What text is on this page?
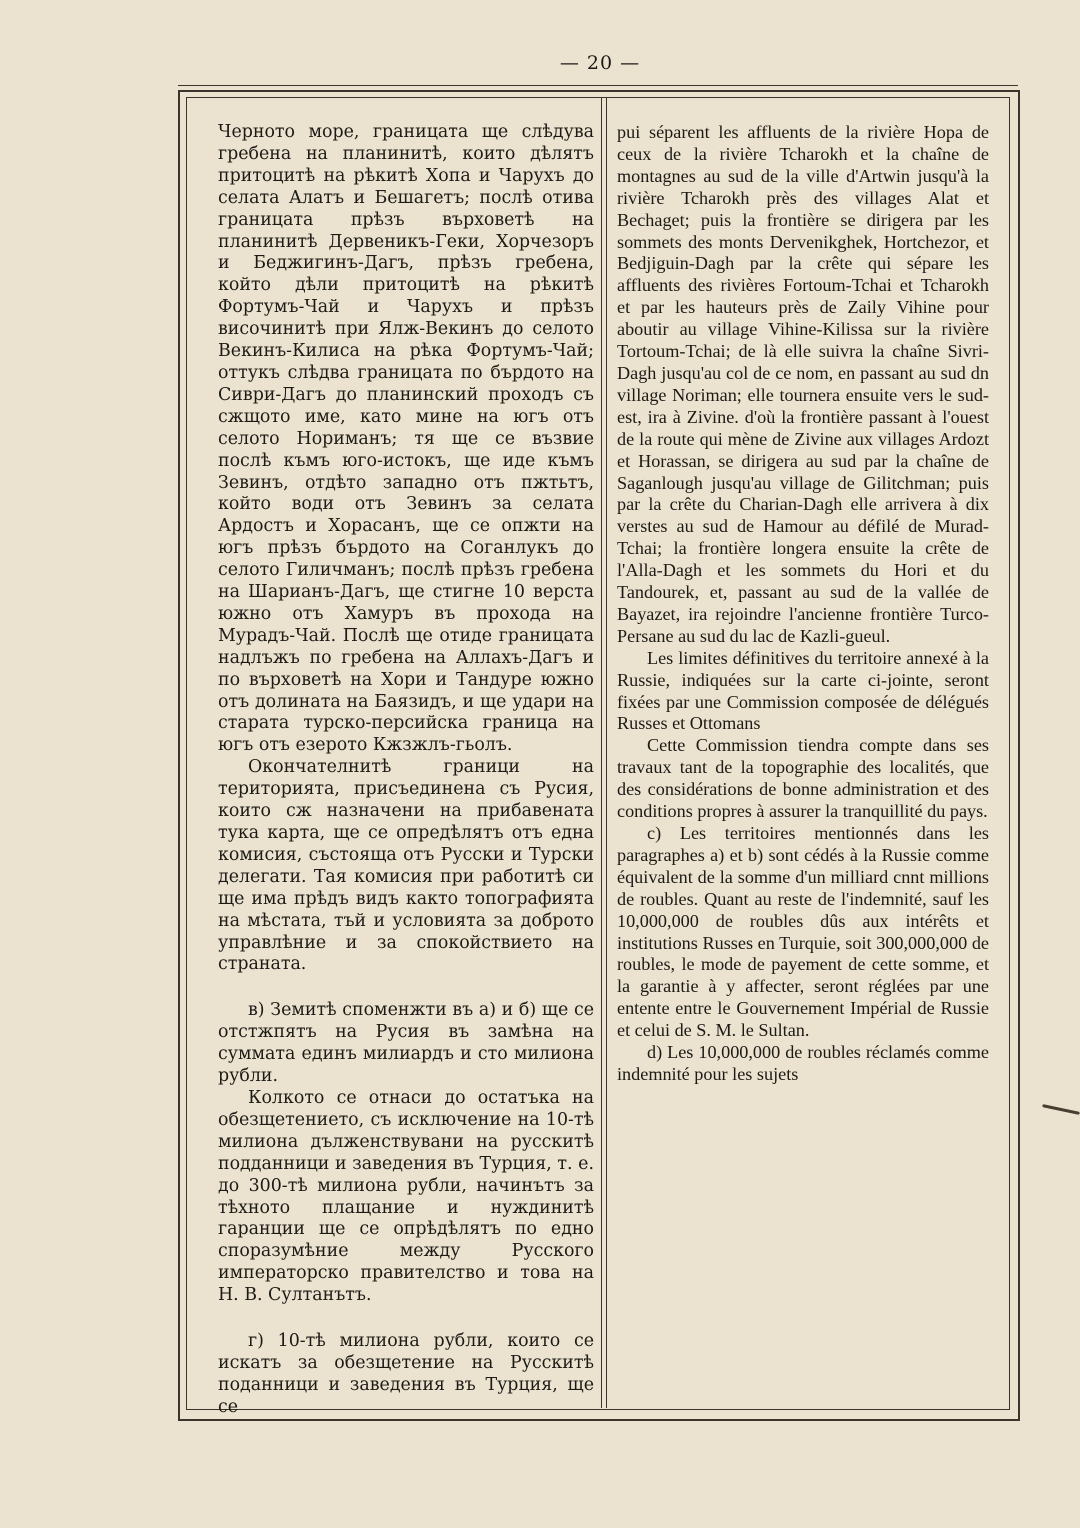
— 20 —

Черното море, границата ще слѣдува гребена на планинитѣ, които дѣлятъ притоцитѣ на рѣкитѣ Хопа и Чарухъ до селата Алатъ и Бешагетъ; послѣ отива границата прѣзъ върховетѣ на планинитѣ Дервеникъ-Геки, Хорчезоръ и Беджигинъ-Дагъ, прѣзъ гребена, който дѣли притоцитѣ на рѣкитѣ Фортумъ-Чай и Чарухъ и прѣзъ височинитѣ при Ялж-Векинъ до селото Векинъ-Килиса на рѣка Фортумъ-Чай; оттукъ слѣдва границата по бърдото на Сиври-Дагъ до планинский проходъ съ сжщото име, като мине на югъ отъ селото Нориманъ; тя ще се възвие послѣ къмъ юго-истокъ, ще иде къмъ Зевинъ, отдѣто западно отъ пжтьтъ, който води отъ Зевинъ за селата Ардостъ и Хорасанъ, ще се опжти на югъ прѣзъ бърдото на Соганлукъ до селото Гиличманъ; послѣ прѣзъ гребена на Шарианъ-Дагъ, ще стигне 10 верста южно отъ Хамуръ въ прохода на Мурадъ-Чай. Послѣ ще отиде границата надлъжъ по гребена на Аллахъ-Дагъ и по върховетѣ на Хори и Тандуре южно отъ долината на Баязидъ, и ще удари на старата турско-персийска граница на югъ отъ езерото Кжзжлъ-гьолъ.

Окончателнитѣ граници на територията, присъединена съ Русия, които сж назначени на прибавената тука карта, ще се опредѣлятъ отъ една комисия, състояща отъ Русски и Турски делегати. Тая комисия при работитѣ си ще има прѣдъ видъ както топографията на мѣстата, тъй и условията за доброто управлѣние и за спокойствието на страната.

в) Земитѣ споменжти въ а) и б) ще се отстжпятъ на Русия въ замѣна на суммата единъ милиардъ и сто милиона рубли.

Колкото се отнаси до остатъка на обезщетението, съ исключение на 10-тѣ милиона дълженствувани на русскитѣ подданници и заведения въ Турция, т. е. до 300-тѣ милиона рубли, начинътъ за тѣхното плащание и нуждинитѣ гаранции ще се опрѣдѣлятъ по едно споразумѣние между Русского императорско правителство и това на Н. В. Султанътъ.

г) 10-тѣ милиона рубли, които се искатъ за обезщетение на Русскитѣ поданници и заведения въ Турция, ще се

pui séparent les affluents de la rivière Hopa de ceux de la rivière Tcharokh et la chaîne de montagnes au sud de la ville d'Artwin jusqu'à la rivière Tcharokh près des villages Alat et Bechaget; puis la frontière se dirigera par les sommets des monts Dervenikghek, Hortchezor, et Bedjiguin-Dagh par la crête qui sépare les affluents des rivières Fortoum-Tchai et Tcharokh et par les hauteurs près de Zaily Vihine pour aboutir au village Vihine-Kilissa sur la rivière Tortoum-Tchai; de là elle suivra la chaîne Sivri-Dagh jusqu'au col de ce nom, en passant au sud dn village Noriman; elle tournera ensuite vers le sud-est, ira à Zivine. d'où la frontière passant à l'ouest de la route qui mène de Zivine aux villages Ardozt et Horassan, se dirigera au sud par la chaîne de Saganlough jusqu'au village de Gilitchman; puis par la crête du Charian-Dagh elle arrivera à dix verstes au sud de Hamour au défilé de Murad-Tchai; la frontière longera ensuite la crête de l'Alla-Dagh et les sommets du Hori et du Tandourek, et, passant au sud de la vallée de Bayazet, ira rejoindre l'ancienne frontière Turco-Persane au sud du lac de Kazli-gueul.

Les limites définitives du territoire annexé à la Russie, indiquées sur la carte ci-jointe, seront fixées par une Commission composée de délégués Russes et Ottomans

Cette Commission tiendra compte dans ses travaux tant de la topographie des localités, que des considérations de bonne administration et des conditions propres à assurer la tranquillité du pays.

c) Les territoires mentionnés dans les paragraphes a) et b) sont cédés à la Russie comme équivalent de la somme d'un milliard cnnt millions de roubles. Quant au reste de l'indemnité, sauf les 10,000,000 de roubles dûs aux intérêts et institutions Russes en Turquie, soit 300,000,000 de roubles, le mode de payement de cette somme, et la garantie à y affecter, seront réglées par une entente entre le Gouvernement Impérial de Russie et celui de S. M. le Sultan.

d) Les 10,000,000 de roubles réclamés comme indemnité pour les sujets
